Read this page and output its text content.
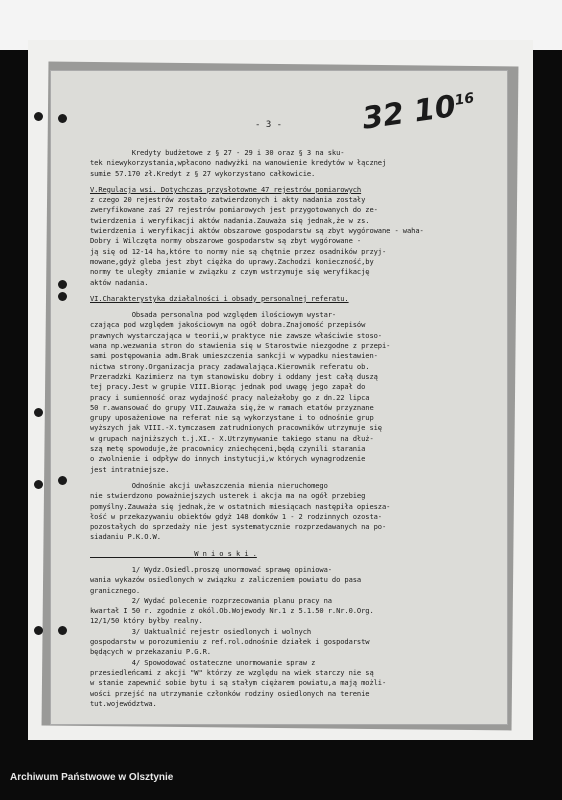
- 3 -	32 $10^{16}$

Kredyty budżetowe z § 27 - 29 i 30 oraz § 3 na sku-

tek niewykorzystania,wpłacono nadwyżki na wanowienie kredytów w łącznej

sumie 57.170 zł.Kredyt z § 27 wykorzystano całkowicie.

V.Regulacja wsi. Dotychczas przysłotowne 47 rejestrów pomiarowych

z czego 20 rejestrów zostało zatwierdzonych i akty nadania zostały

zweryfikowane zaś 27 rejestrów pomiarowych jest przygotowanych do ze-

twierdzenia i weryfikacji aktów nadania.Zauważa się jednak,że w zs.

twierdzenia i weryfikacji aktów obszarowe gospodarstw są zbyt wygórowane - waha-

Dobry i Wilczęta normy obszarowe gospodarstw są zbyt wygórowane -

ją się od 12-14 ha,które to normy nie są chętnie przez osadników przyj-

mowane,gdyż gleba jest zbyt ciężka do uprawy.Zachodzi konieczność,by

normy te uległy zmianie w związku z czym wstrzymuje się weryfikację

aktów nadania.

VI.Charakterystyka działalności i obsady personalnej referatu.

Obsada personalna pod względem ilościowym wystar-

czająca pod względem jakościowym na ogół dobra.Znajomość przepisów

prawnych wystarczająca w teorii,w praktyce nie zawsze właściwie stoso-

wana np.wezwania stron do stawienia się w Starostwie niezgodne z przepi-

sami postępowania adm.Brak umieszczenia sankcji w wypadku niestawien-

nictwa strony.Organizacja pracy zadawalająca.Kierownik referatu ob.

Przeradzki Kazimierz na tym stanowisku dobry i oddany jest całą duszą

tej pracy.Jest w grupie VIII.Biorąc jednak pod uwagę jego zapał do

pracy i sumienność oraz wydajność pracy należałoby go z dn.22 lipca

50 r.awansować do grupy VII.Zauważa się,że w ramach etatów przyznane

grupy uposażeniowe na referat nie są wykorzystane i to odnośnie grup

wyższych jak VIII.-X.tymczasem zatrudnionych pracowników utrzymuje się

w grupach najniższych t.j.XI.- X.Utrzymywanie takiego stanu na dłuż-

szą metę spowoduje,że pracownicy zniechęceni,będą czynili starania

o zwolnienie i odpływ do innych instytucji,w których wynagrodzenie

jest intratniejsze.

Odnośnie akcji uwłaszczenia mienia nieruchomego

nie stwierdzono poważniejszych usterek i akcja ma na ogół przebieg

pomyślny.Zauważa się jednak,że w ostatnich miesiącach następiła opiesza-

łość w przekazywaniu obiektów gdyż 148 domków 1 - 2 rodzinnych ozosta-

pozostałych do sprzedaży nie jest systematycznie rozprzedawanych na po-

siadaniu P.K.O.W.

W n i o s k i .

1/ Wydz.Osiedl.proszę unormować sprawę opiniowa-

wania wykazów osiedlonych w związku z zaliczeniem powiatu do pasa

granicznego.

2/ Wydać polecenie rozprzecowania planu pracy na

kwartał I 50 r. zgodnie z okól.Ob.Wojewody Nr.1 z 5.1.50 r.Nr.0.Org.

12/1/50 który byłby realny.

3/ Uaktualnić rejestr osiedlonych i wolnych

gospodarstw w porozumieniu z ref.rol.odnośnie działek i gospodarstw

będących w przekazaniu P.G.R.

4/ Spowodować ostateczne unormowanie spraw z

przesiedleńcami z akcji "W" którzy ze względu na wiek starczy nie są

w stanie zapewnić sobie bytu i są stałym ciężarem powiatu,a mają możli-

wości przejść na utrzymanie członków rodziny osiedlonych na terenie

tut.województwa.

Archiwum Państwowe w Olsztynie
